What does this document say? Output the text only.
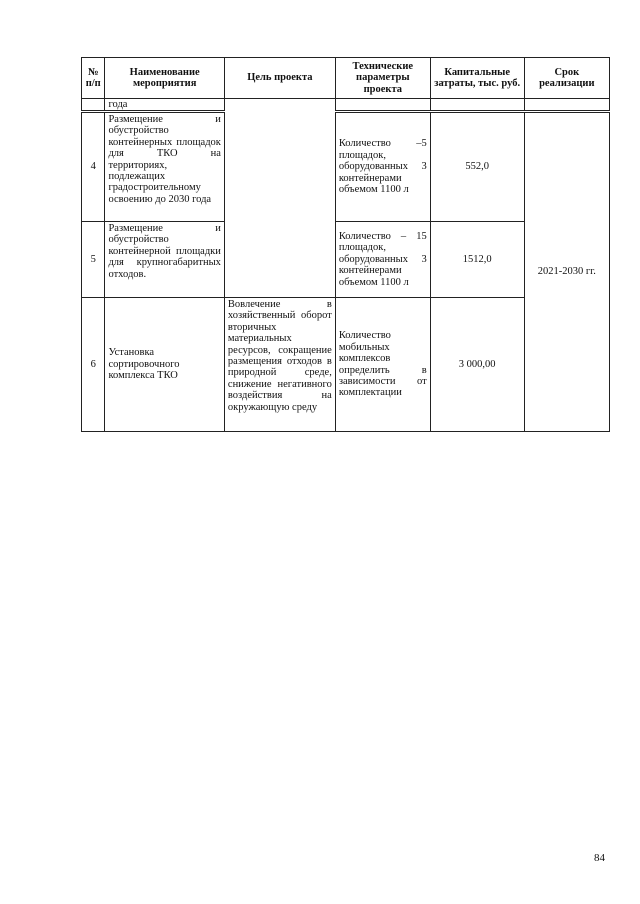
№ п/п	Наименование мероприятия	Цель проекта	Технические параметры проекта	Капитальные затраты, тыс. руб.	Срок реализации
	года				
4	Размещение и обустройство контейнерных площадок для ТКО на территориях, подлежащих градостроительному освоению до 2030 года		Количество –5 площадок, оборудованных 3 контейнерами объемом 1100 л	552,0	2021-2030 гг.
5	Размещение и обустройство контейнерной площадки для крупногабаритных отходов.		Количество – 15 площадок, оборудованных 3 контейнерами объемом 1100 л	1512,0	
6	Установка сортировочного комплекса ТКО	Вовлечение в хозяйственный оборот вторичных материальных ресурсов, сокращение размещения отходов в природной среде, снижение негативного воздействия на окружающую среду	Количество мобильных комплексов определить в зависимости от комплектации	3 000,00	
84
